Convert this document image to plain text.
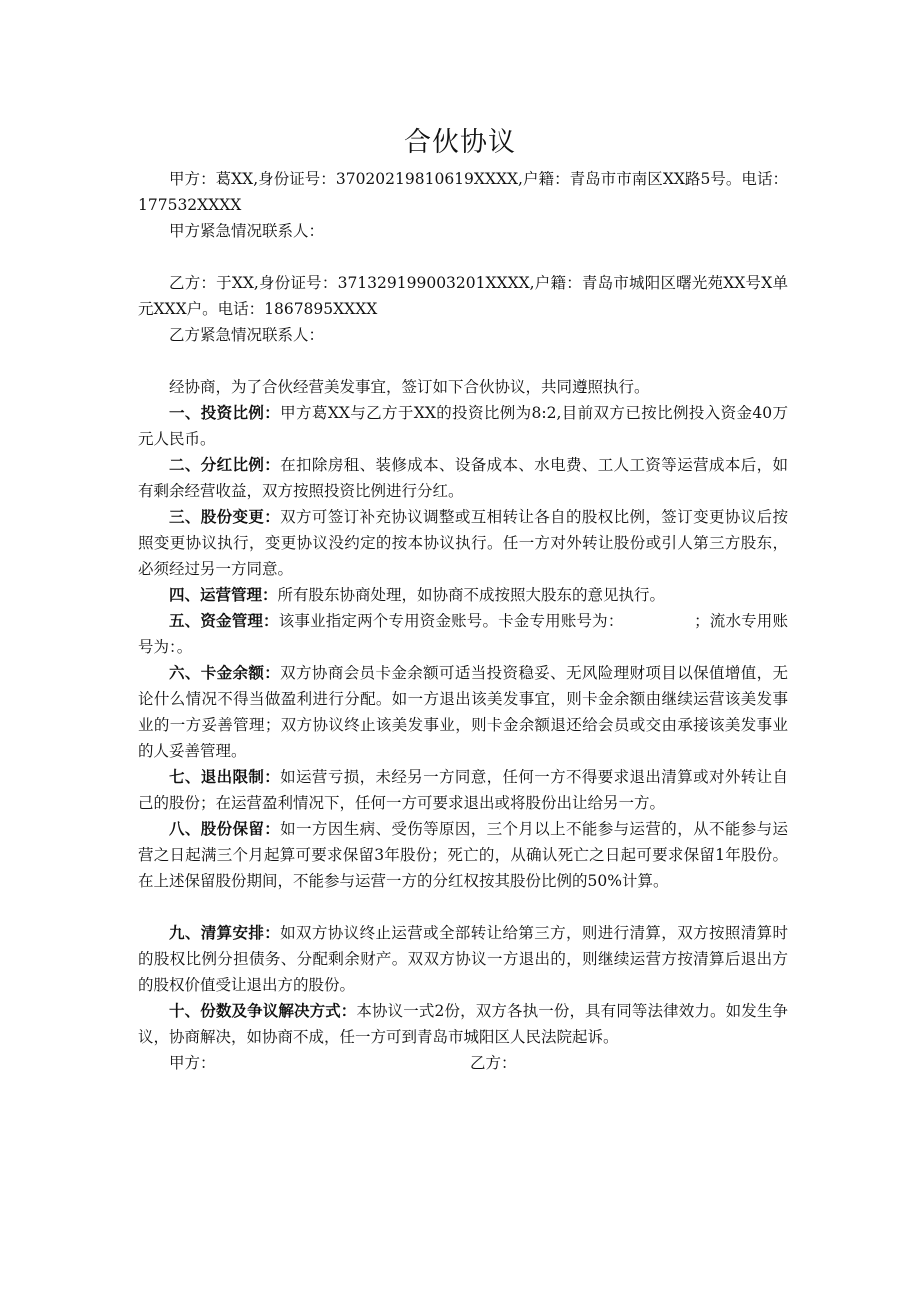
合伙协议
甲方：葛XX,身份证号：37020219810619XXXX,户籍：青岛市市南区XX路5号。电话：177532XXXX
甲方紧急情况联系人：
乙方：于XX,身份证号：371329199003201XXXX,户籍：青岛市城阳区曙光苑XX号X单元XXX户。电话：1867895XXXX
乙方紧急情况联系人：
经协商，为了合伙经营美发事宜，签订如下合伙协议，共同遵照执行。
一、投资比例：甲方葛XX与乙方于XX的投资比例为8:2,目前双方已按比例投入资金40万元人民币。
二、分红比例：在扣除房租、装修成本、设备成本、水电费、工人工资等运营成本后，如有剩余经营收益，双方按照投资比例进行分红。
三、股份变更：双方可签订补充协议调整或互相转让各自的股权比例，签订变更协议后按照变更协议执行，变更协议没约定的按本协议执行。任一方对外转让股份或引人第三方股东，必须经过另一方同意。
四、运营管理：所有股东协商处理，如协商不成按照大股东的意见执行。
五、资金管理：该事业指定两个专用资金账号。卡金专用账号为：　　　　　；流水专用账号为：。
六、卡金余额：双方协商会员卡金余额可适当投资稳妥、无风险理财项目以保值增值，无论什么情况不得当做盈利进行分配。如一方退出该美发事宜，则卡金余额由继续运营该美发事业的一方妥善管理；双方协议终止该美发事业，则卡金余额退还给会员或交由承接该美发事业的人妥善管理。
七、退出限制：如运营亏损，未经另一方同意，任何一方不得要求退出清算或对外转让自己的股份；在运营盈利情况下，任何一方可要求退出或将股份出让给另一方。
八、股份保留：如一方因生病、受伤等原因，三个月以上不能参与运营的，从不能参与运营之日起满三个月起算可要求保留3年股份；死亡的，从确认死亡之日起可要求保留1年股份。在上述保留股份期间，不能参与运营一方的分红权按其股份比例的50%计算。
九、清算安排：如双方协议终止运营或全部转让给第三方，则进行清算，双方按照清算时的股权比例分担债务、分配剩余财产。双双方协议一方退出的，则继续运营方按清算后退出方的股权价值受让退出方的股份。
十、份数及争议解决方式：本协议一式2份，双方各执一份，具有同等法律效力。如发生争议，协商解决，如协商不成，任一方可到青岛市城阳区人民法院起诉。
甲方：	乙方：
